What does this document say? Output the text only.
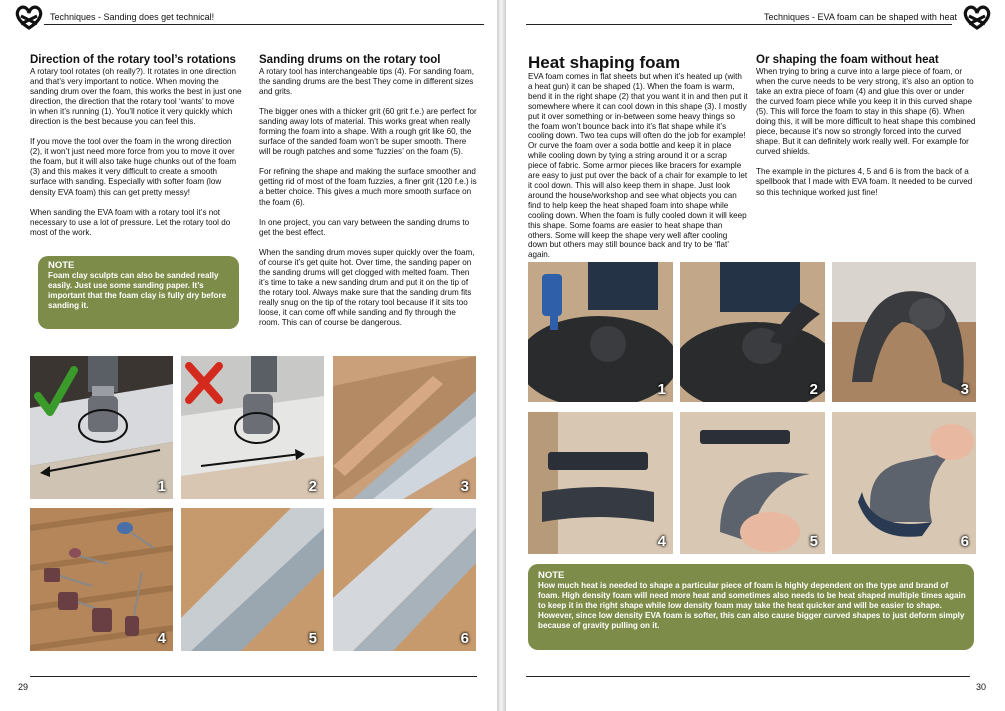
Techniques - Sanding does get technical!
Direction of the rotary tool’s rotations

A rotary tool rotates (oh really?). It rotates in one direction and that’s very important to notice. When moving the sanding drum over the foam, this works the best in just one direction, the direction that the rotary tool ‘wants’ to move in when it’s running (1). You’ll notice it very quickly which direction is the best because you can feel this.

If you move the tool over the foam in the wrong direction (2), it won’t just need more force from you to move it over the foam, but it will also take huge chunks out of the foam (3) and this makes it very difficult to create a smooth surface with sanding. Especially with softer foam (low density EVA foam) this can get pretty messy!

When sanding the EVA foam with a rotary tool it’s not necessary to use a lot of pressure. Let the rotary tool do most of the work.

NOTE
Foam clay sculpts can also be sanded really easily. Just use some sanding paper. It’s important that the foam clay is fully dry before sanding it.
Sanding drums on the rotary tool

A rotary tool has interchangeable tips (4). For sanding foam, the sanding drums are the best They come in different sizes and grits.

The bigger ones with a thicker grit (60 grit f.e.) are perfect for sanding away lots of material. This works great when really forming the foam into a shape. With a rough grit like 60, the surface of the sanded foam won’t be super smooth. There will be rough patches and some ‘fuzzies’ on the foam (5).

For refining the shape and making the surface smoother and getting rid of most of the foam fuzzies, a finer grit (120 f.e.) is a better choice. This gives a much more smooth surface on the foam (6).

In one project, you can vary between the sanding drums to get the best effect.

When the sanding drum moves super quickly over the foam, of course it’s get quite hot. Over time, the sanding paper on the sanding drums will get clogged with melted foam. Then it’s time to take a new sanding drum and put it on the tip of the rotary tool. Always make sure that the sanding drum fits really snug on the tip of the rotary tool because if it sits too loose, it can come off while sanding and fly through the room. This can of course be dangerous.

1	2	3
4	5	6
29
Techniques - EVA foam can be shaped with heat
Heat shaping foam
EVA foam comes in flat sheets but when it’s heated up (with a heat gun) it can be shaped (1). When the foam is warm, bend it in the right shape (2) that you want it in and then put it somewhere where it can cool down in this shape (3). I mostly put it over something or in-between some heavy things so the foam won’t bounce back into it’s flat shape while it’s cooling down. Two tea cups will often do the job for example! Or curve the foam over a soda bottle and keep it in place while cooling down by tying a string around it or a scrap piece of fabric. Some armor pieces like bracers for example are easy to just put over the back of a chair for example to let it cool down. This will also keep them in shape. Just look around the house/workshop and see what objects you can find to help keep the heat shaped foam into shape while cooling down. When the foam is fully cooled down it will keep this shape. Some foams are easier to heat shape than others. Some will keep the shape very well after cooling down but others may still bounce back and try to be ‘flat’ again.
Or shaping the foam without heat

When trying to bring a curve into a large piece of foam, or when the curve needs to be very strong, it’s also an option to take an extra piece of foam (4) and glue this over or under the curved foam piece while you keep it in this curved shape (5). This will force the foam to stay in this shape (6). When doing this, it will be more difficult to heat shape this combined piece, because it’s now so strongly forced into the curved shape. But it can definitely work really well. For example for curved shields.

The example in the pictures 4, 5 and 6 is from the back of a spellbook that I made with EVA foam. It needed to be curved so this technique worked just fine!

1	2	3
4	5	6
NOTE
How much heat is needed to shape a particular piece of foam is highly dependent on the type and brand of foam. High density foam will need more heat and sometimes also needs to be heat shaped multiple times again to keep it in the right shape while low density foam may take the heat quicker and will be easier to shape. However, since low density EVA foam is softer, this can also cause bigger curved shapes to just deform simply because of gravity pulling on it.
30
